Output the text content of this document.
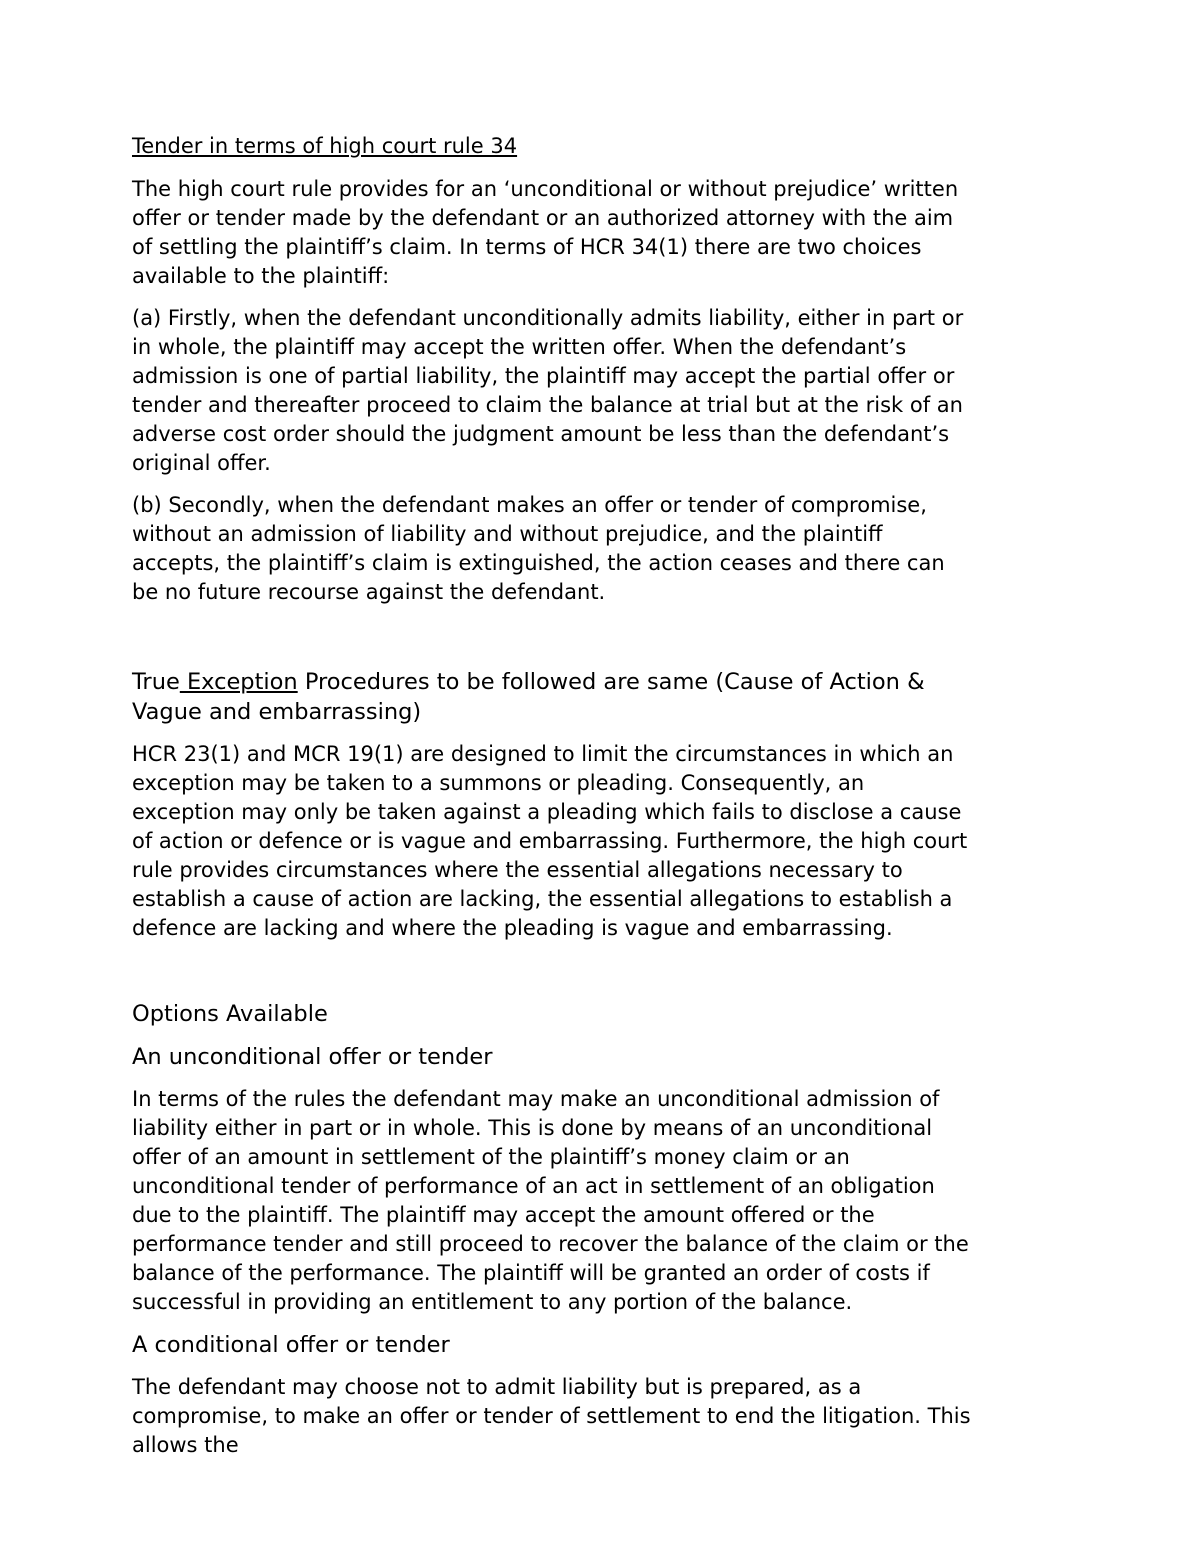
Tender in terms of high court rule 34

The high court rule provides for an ‘unconditional or without prejudice’ written offer or tender made by the defendant or an authorized attorney with the aim of settling the plaintiff’s claim. In terms of HCR 34(1) there are two choices available to the plaintiff:

(a) Firstly, when the defendant unconditionally admits liability, either in part or in whole, the plaintiff may accept the written offer. When the defendant’s admission is one of partial liability, the plaintiff may accept the partial offer or tender and thereafter proceed to claim the balance at trial but at the risk of an adverse cost order should the judgment amount be less than the defendant’s original offer.

(b) Secondly, when the defendant makes an offer or tender of compromise, without an admission of liability and without prejudice, and the plaintiff accepts, the plaintiff’s claim is extinguished, the action ceases and there can be no future recourse against the defendant.

True Exception Procedures to be followed are same (Cause of Action & Vague and embarrassing)

HCR 23(1) and MCR 19(1) are designed to limit the circumstances in which an exception may be taken to a summons or pleading. Consequently, an exception may only be taken against a pleading which fails to disclose a cause of action or defence or is vague and embarrassing. Furthermore, the high court rule provides circumstances where the essential allegations necessary to establish a cause of action are lacking, the essential allegations to establish a defence are lacking and where the pleading is vague and embarrassing.

Options Available

An unconditional offer or tender

In terms of the rules the defendant may make an unconditional admission of liability either in part or in whole. This is done by means of an unconditional offer of an amount in settlement of the plaintiff’s money claim or an unconditional tender of performance of an act in settlement of an obligation due to the plaintiff. The plaintiff may accept the amount offered or the performance tender and still proceed to recover the balance of the claim or the balance of the performance. The plaintiff will be granted an order of costs if successful in providing an entitlement to any portion of the balance.

A conditional offer or tender

The defendant may choose not to admit liability but is prepared, as a compromise, to make an offer or tender of settlement to end the litigation. This allows the
